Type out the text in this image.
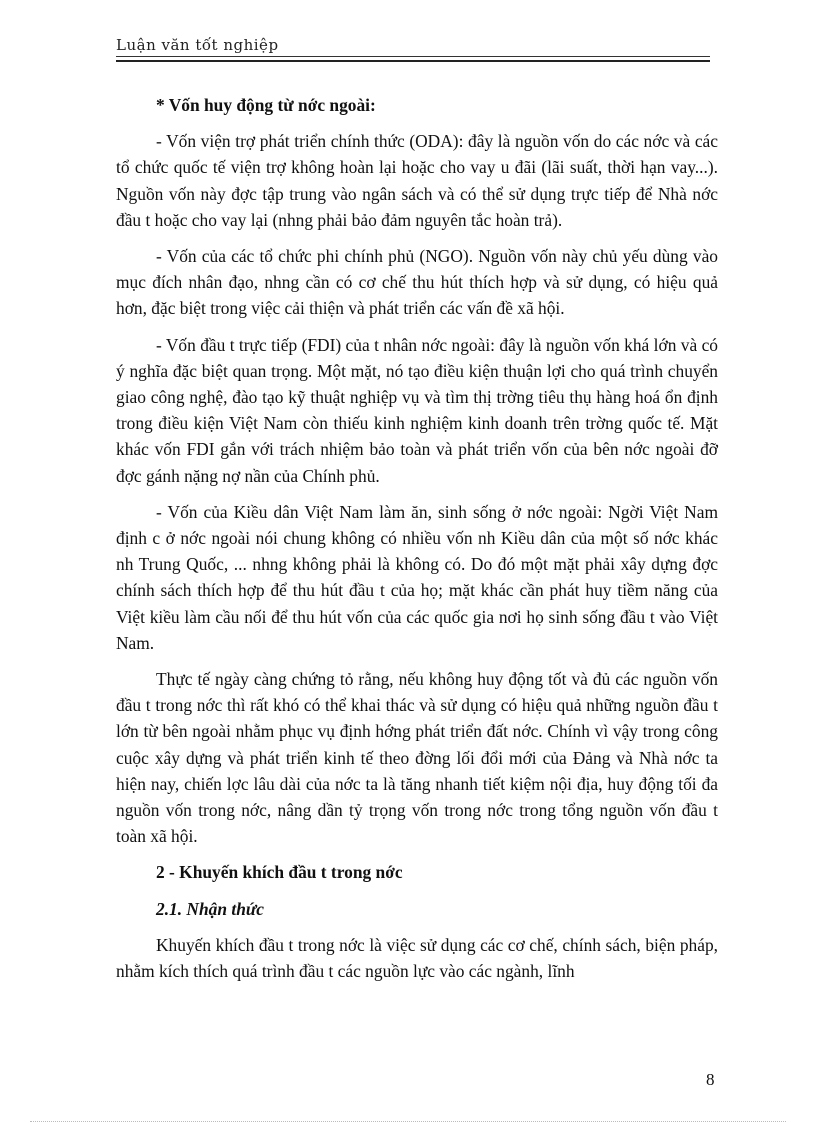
Luận văn tốt nghiệp
* Vốn huy động từ nớc ngoài:

- Vốn viện trợ phát triển chính thức (ODA): đây là nguồn vốn do các nớc và các tổ chức quốc tế viện trợ không hoàn lại hoặc cho vay u đãi (lãi suất, thời hạn vay...). Nguồn vốn này đợc tập trung vào ngân sách và có thể sử dụng trực tiếp để Nhà nớc đầu t hoặc cho vay lại (nhng phải bảo đảm nguyên tắc hoàn trả).

- Vốn của các tổ chức phi chính phủ (NGO). Nguồn vốn này chủ yếu dùng vào mục đích nhân đạo, nhng cần có cơ chế thu hút thích hợp và sử dụng, có hiệu quả hơn, đặc biệt trong việc cải thiện và phát triển các vấn đề xã hội.

- Vốn đầu t trực tiếp (FDI) của t nhân nớc ngoài: đây là nguồn vốn khá lớn và có ý nghĩa đặc biệt quan trọng. Một mặt, nó tạo điều kiện thuận lợi cho quá trình chuyển giao công nghệ, đào tạo kỹ thuật nghiệp vụ và tìm thị trờng tiêu thụ hàng hoá ổn định trong điều kiện Việt Nam còn thiếu kinh nghiệm kinh doanh trên trờng quốc tế. Mặt khác vốn FDI gắn với trách nhiệm bảo toàn và phát triển vốn của bên nớc ngoài đỡ đợc gánh nặng nợ nần của Chính phủ.

- Vốn của Kiều dân Việt Nam làm ăn, sinh sống ở nớc ngoài: Ngời Việt Nam định c ở nớc ngoài nói chung không có nhiều vốn nh Kiều dân của một số nớc khác nh Trung Quốc, ... nhng không phải là không có. Do đó một mặt phải xây dựng đợc chính sách thích hợp để thu hút đầu t của họ; mặt khác cần phát huy tiềm năng của Việt kiều làm cầu nối để thu hút vốn của các quốc gia nơi họ sinh sống đầu t vào Việt Nam.

Thực tế ngày càng chứng tỏ rằng, nếu không huy động tốt và đủ các nguồn vốn đầu t trong nớc thì rất khó có thể khai thác và sử dụng có hiệu quả những nguồn đầu t lớn từ bên ngoài nhằm phục vụ định hớng phát triển đất nớc. Chính vì vậy trong công cuộc xây dựng và phát triển kinh tế theo đờng lối đổi mới của Đảng và Nhà nớc ta hiện nay, chiến lợc lâu dài của nớc ta là tăng nhanh tiết kiệm nội địa, huy động tối đa nguồn vốn trong nớc, nâng dần tỷ trọng vốn trong nớc trong tổng nguồn vốn đầu t toàn xã hội.

2 - Khuyến khích đầu t trong nớc
2.1. Nhận thức

Khuyến khích đầu t trong nớc là việc sử dụng các cơ chế, chính sách, biện pháp, nhằm kích thích quá trình đầu t các nguồn lực vào các ngành, lĩnh

8
